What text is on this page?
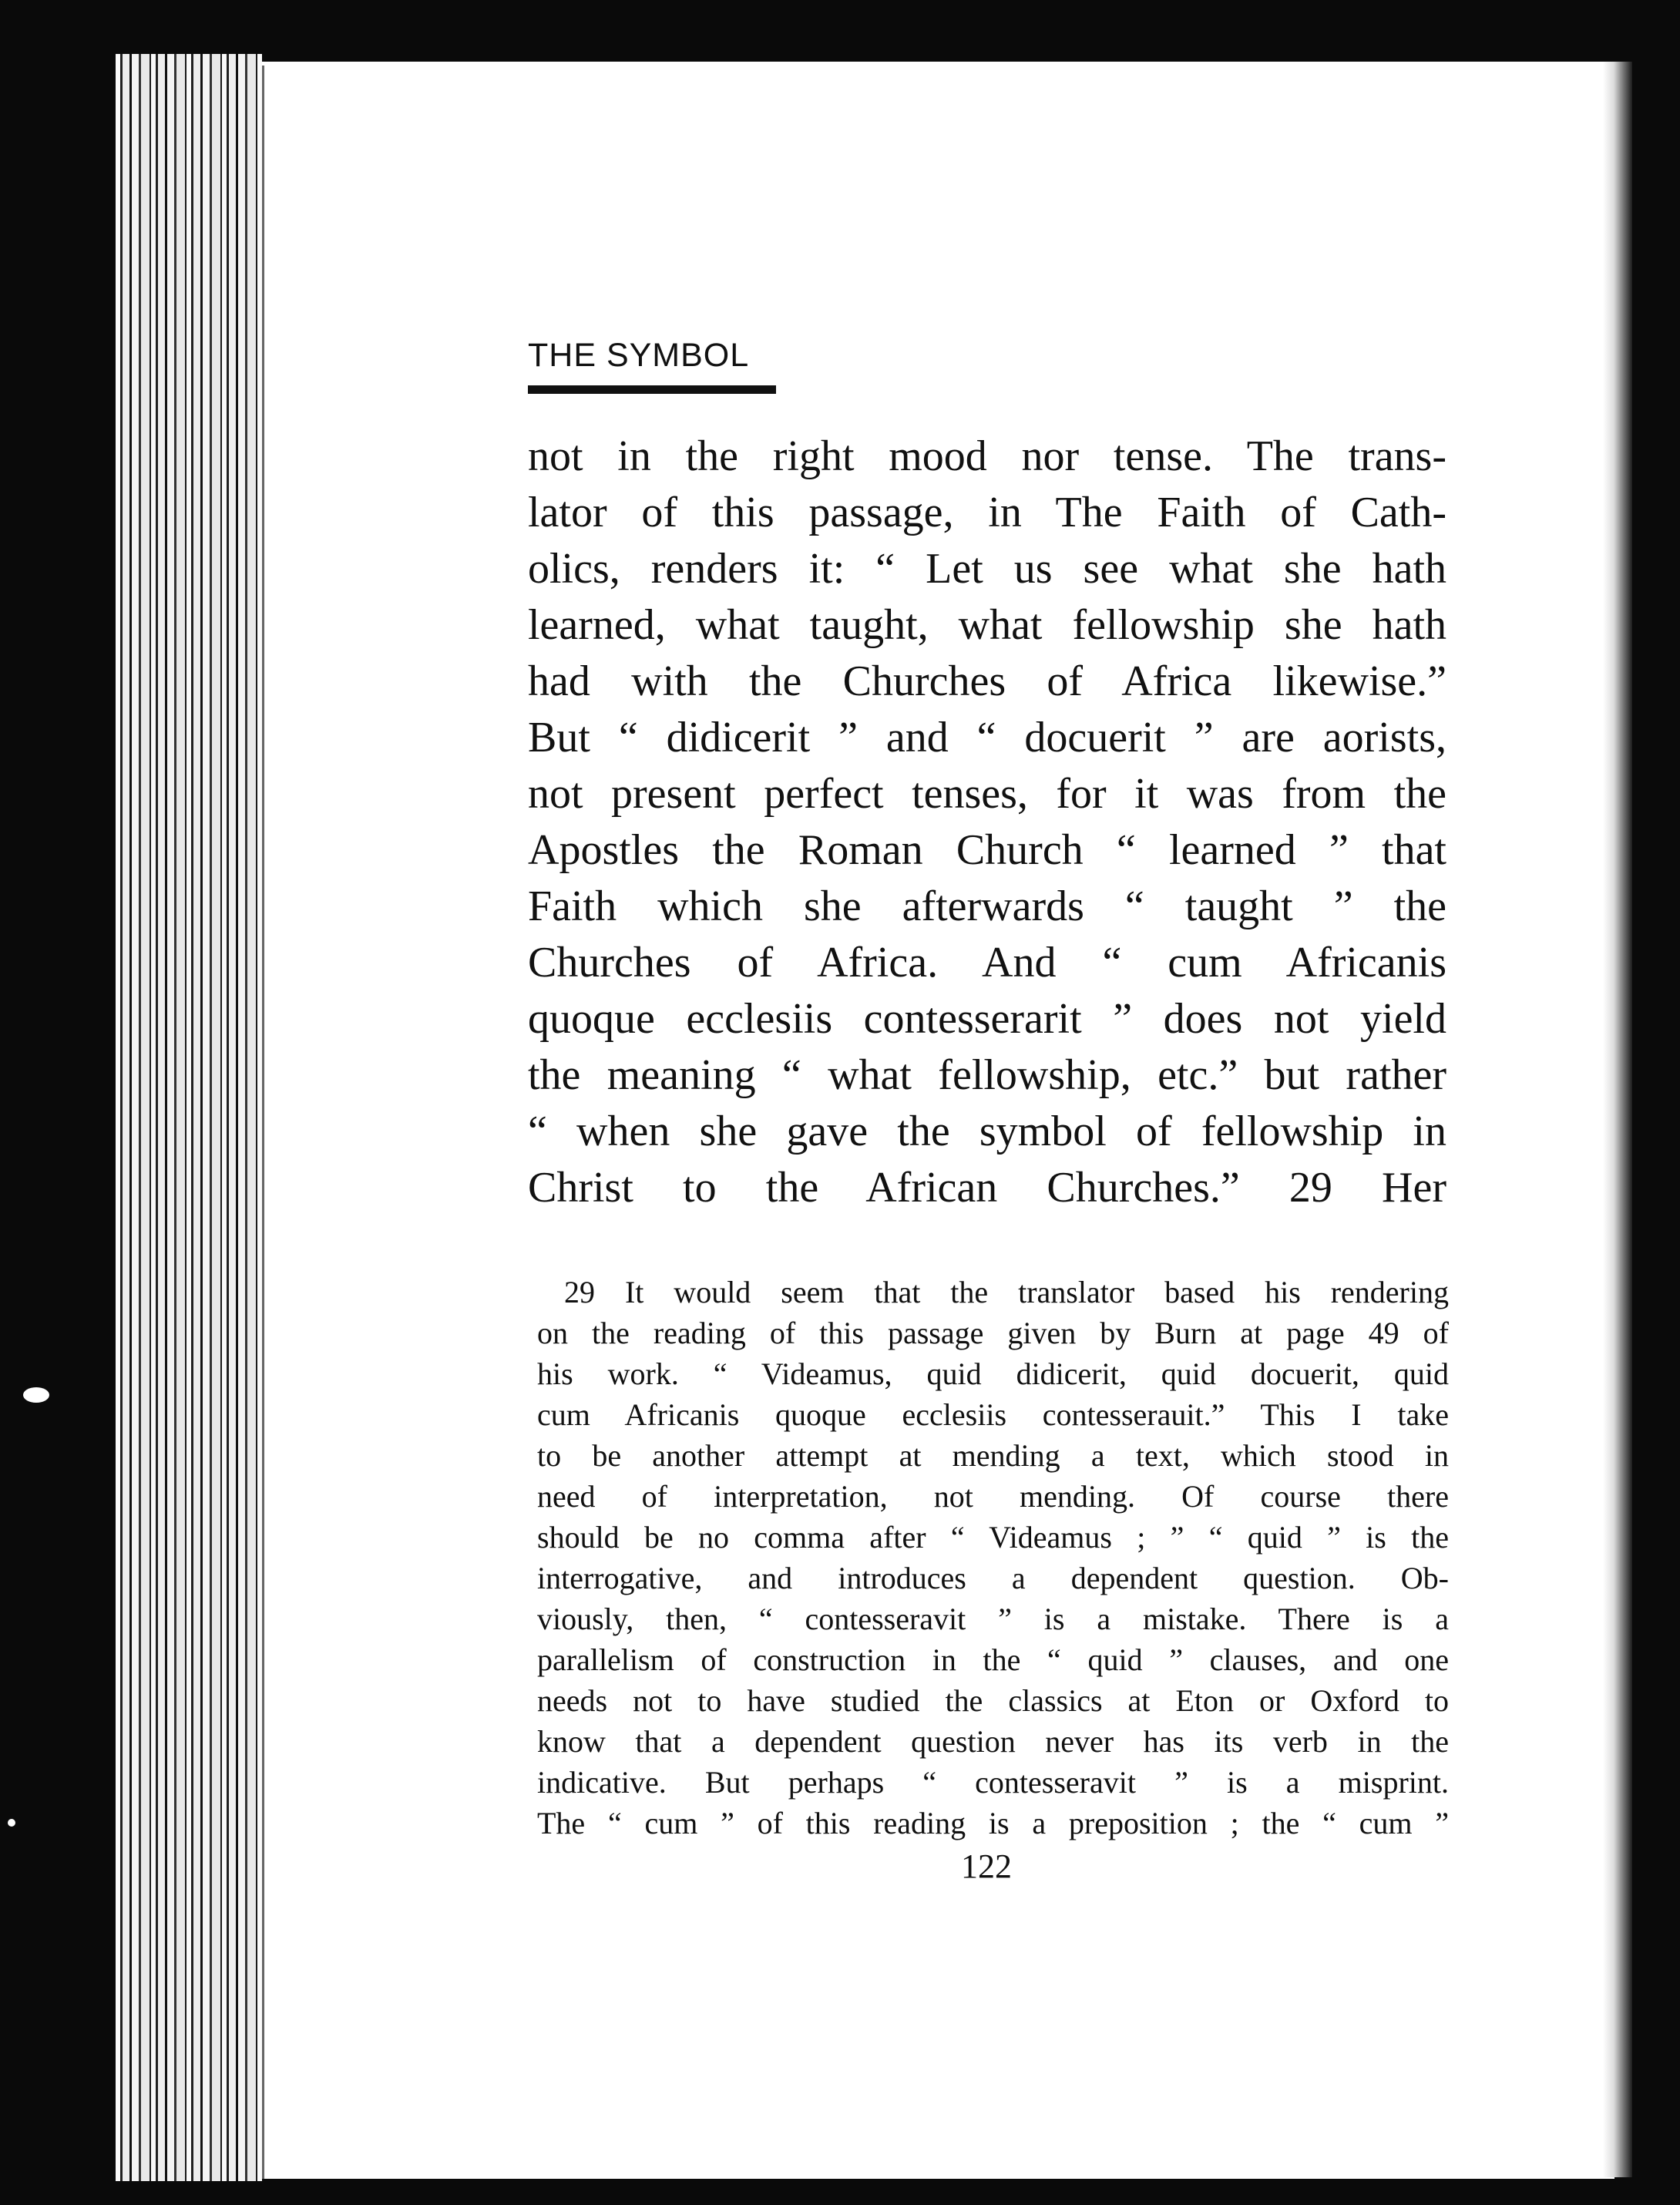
THE SYMBOL
not in the right mood nor tense. The trans-
lator of this passage, in The Faith of Cath-
olics, renders it: “ Let us see what she hath
learned, what taught, what fellowship she hath
had with the Churches of Africa likewise.”
But “ didicerit ” and “ docuerit ” are aorists,
not present perfect tenses, for it was from the
Apostles the Roman Church “ learned ” that
Faith which she afterwards “ taught ” the
Churches of Africa. And “ cum Africanis
quoque ecclesiis contesserarit ” does not yield
the meaning “ what fellowship, etc.” but rather
“ when she gave the symbol of fellowship in
Christ to the African Churches.” 29 Her
29 It would seem that the translator based his rendering
on the reading of this passage given by Burn at page 49 of
his work. “ Videamus, quid didicerit, quid docuerit, quid
cum Africanis quoque ecclesiis contesserauit.” This I take
to be another attempt at mending a text, which stood in
need of interpretation, not mending. Of course there
should be no comma after “ Videamus ; ” “ quid ” is the
interrogative, and introduces a dependent question. Ob-
viously, then, “ contesseravit ” is a mistake. There is a
parallelism of construction in the “ quid ” clauses, and one
needs not to have studied the classics at Eton or Oxford to
know that a dependent question never has its verb in the
indicative. But perhaps “ contesseravit ” is a misprint.
The “ cum ” of this reading is a preposition ; the “ cum ”
122
